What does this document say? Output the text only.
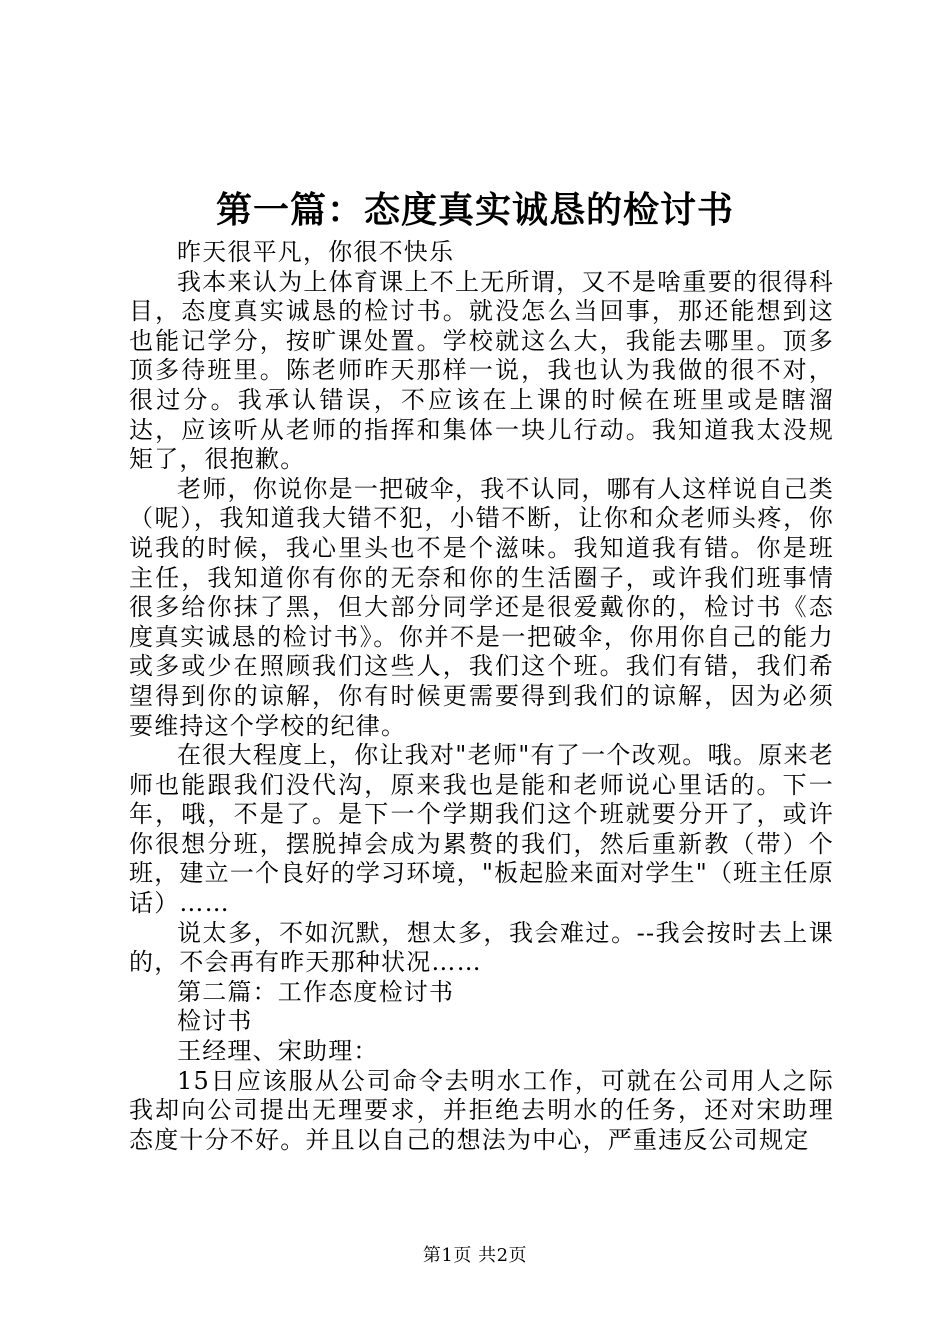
第一篇：态度真实诚恳的检讨书

昨天很平凡，你很不快乐

我本来认为上体育课上不上无所谓，又不是啥重要的很得科目，态度真实诚恳的检讨书。就没怎么当回事，那还能想到这也能记学分，按旷课处置。学校就这么大，我能去哪里。顶多顶多待班里。陈老师昨天那样一说，我也认为我做的很不对，很过分。我承认错误，不应该在上课的时候在班里或是瞎溜达，应该听从老师的指挥和集体一块儿行动。我知道我太没规矩了，很抱歉。

老师，你说你是一把破伞，我不认同，哪有人这样说自己类（呢），我知道我大错不犯，小错不断，让你和众老师头疼，你说我的时候，我心里头也不是个滋味。我知道我有错。你是班主任，我知道你有你的无奈和你的生活圈子，或许我们班事情很多给你抹了黑，但大部分同学还是很爱戴你的，检讨书《态度真实诚恳的检讨书》。你并不是一把破伞，你用你自己的能力或多或少在照顾我们这些人，我们这个班。我们有错，我们希望得到你的谅解，你有时候更需要得到我们的谅解，因为必须要维持这个学校的纪律。

在很大程度上，你让我对"老师"有了一个改观。哦。原来老师也能跟我们没代沟，原来我也是能和老师说心里话的。下一年，哦，不是了。是下一个学期我们这个班就要分开了，或许你很想分班，摆脱掉会成为累赘的我们，然后重新教（带）个班，建立一个良好的学习环境，"板起脸来面对学生"（班主任原话）……

说太多，不如沉默，想太多，我会难过。--我会按时去上课的，不会再有昨天那种状况……

第二篇：工作态度检讨书

检讨书

王经理、宋助理：

15日应该服从公司命令去明水工作，可就在公司用人之际我却向公司提出无理要求，并拒绝去明水的任务，还对宋助理态度十分不好。并且以自己的想法为中心，严重违反公司规定

第1页 共2页
